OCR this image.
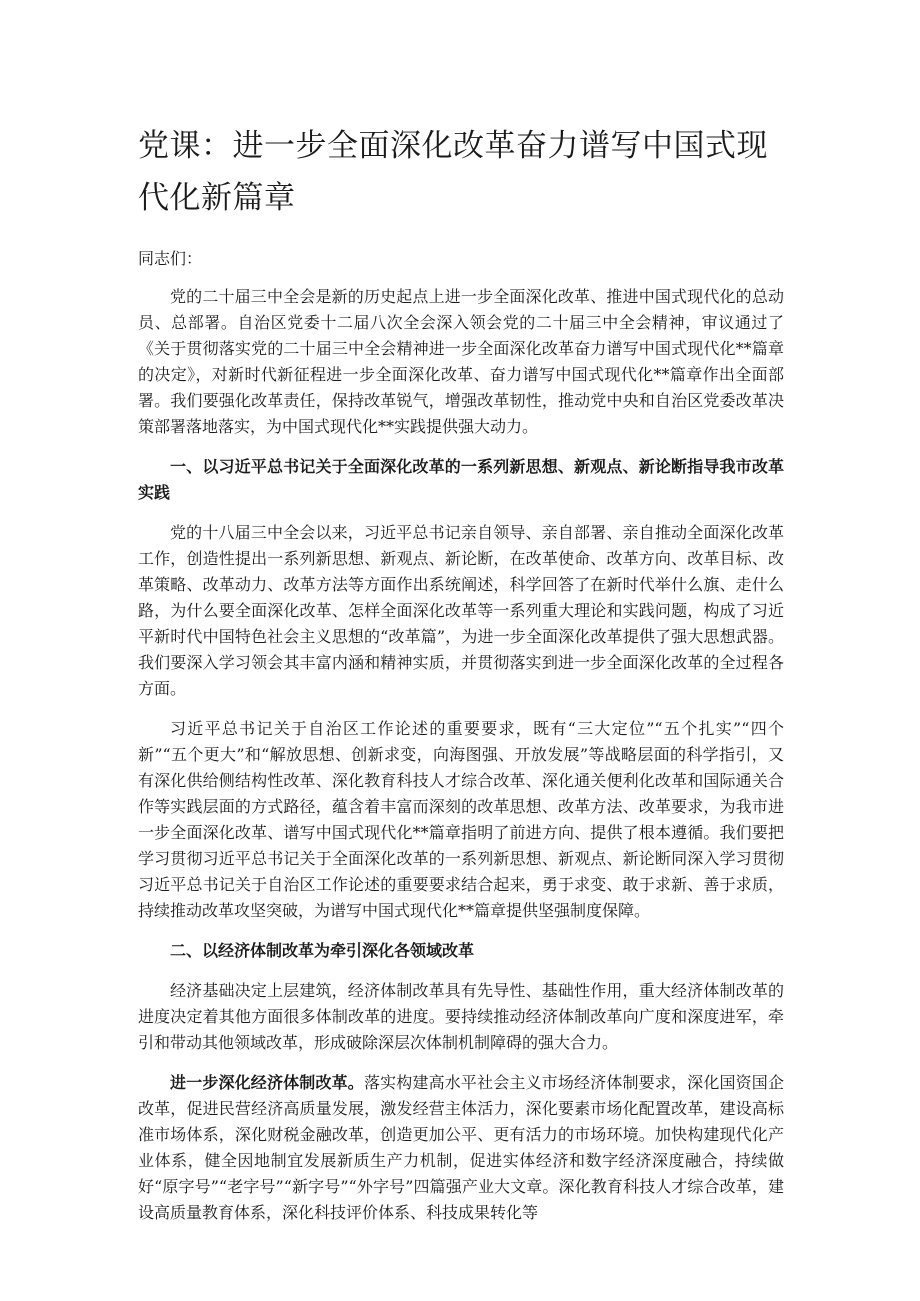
党课：进一步全面深化改革奋力谱写中国式现代化新篇章

同志们：

党的二十届三中全会是新的历史起点上进一步全面深化改革、推进中国式现代化的总动员、总部署。自治区党委十二届八次全会深入领会党的二十届三中全会精神，审议通过了《关于贯彻落实党的二十届三中全会精神进一步全面深化改革奋力谱写中国式现代化**篇章的决定》，对新时代新征程进一步全面深化改革、奋力谱写中国式现代化**篇章作出全面部署。我们要强化改革责任，保持改革锐气，增强改革韧性，推动党中央和自治区党委改革决策部署落地落实，为中国式现代化**实践提供强大动力。

一、以习近平总书记关于全面深化改革的一系列新思想、新观点、新论断指导我市改革实践

党的十八届三中全会以来，习近平总书记亲自领导、亲自部署、亲自推动全面深化改革工作，创造性提出一系列新思想、新观点、新论断，在改革使命、改革方向、改革目标、改革策略、改革动力、改革方法等方面作出系统阐述，科学回答了在新时代举什么旗、走什么路，为什么要全面深化改革、怎样全面深化改革等一系列重大理论和实践问题，构成了习近平新时代中国特色社会主义思想的“改革篇”，为进一步全面深化改革提供了强大思想武器。我们要深入学习领会其丰富内涵和精神实质，并贯彻落实到进一步全面深化改革的全过程各方面。

习近平总书记关于自治区工作论述的重要要求，既有“三大定位”“五个扎实”“四个新”“五个更大”和“解放思想、创新求变，向海图强、开放发展”等战略层面的科学指引，又有深化供给侧结构性改革、深化教育科技人才综合改革、深化通关便利化改革和国际通关合作等实践层面的方式路径，蕴含着丰富而深刻的改革思想、改革方法、改革要求，为我市进一步全面深化改革、谱写中国式现代化**篇章指明了前进方向、提供了根本遵循。我们要把学习贯彻习近平总书记关于全面深化改革的一系列新思想、新观点、新论断同深入学习贯彻习近平总书记关于自治区工作论述的重要要求结合起来，勇于求变、敢于求新、善于求质，持续推动改革攻坚突破，为谱写中国式现代化**篇章提供坚强制度保障。

二、以经济体制改革为牵引深化各领域改革

经济基础决定上层建筑，经济体制改革具有先导性、基础性作用，重大经济体制改革的进度决定着其他方面很多体制改革的进度。要持续推动经济体制改革向广度和深度进军，牵引和带动其他领域改革，形成破除深层次体制机制障碍的强大合力。

进一步深化经济体制改革。落实构建高水平社会主义市场经济体制要求，深化国资国企改革，促进民营经济高质量发展，激发经营主体活力，深化要素市场化配置改革，建设高标准市场体系，深化财税金融改革，创造更加公平、更有活力的市场环境。加快构建现代化产业体系，健全因地制宜发展新质生产力机制，促进实体经济和数字经济深度融合，持续做好“原字号”“老字号”“新字号”“外字号”四篇强产业大文章。深化教育科技人才综合改革，建设高质量教育体系，深化科技评价体系、科技成果转化等
